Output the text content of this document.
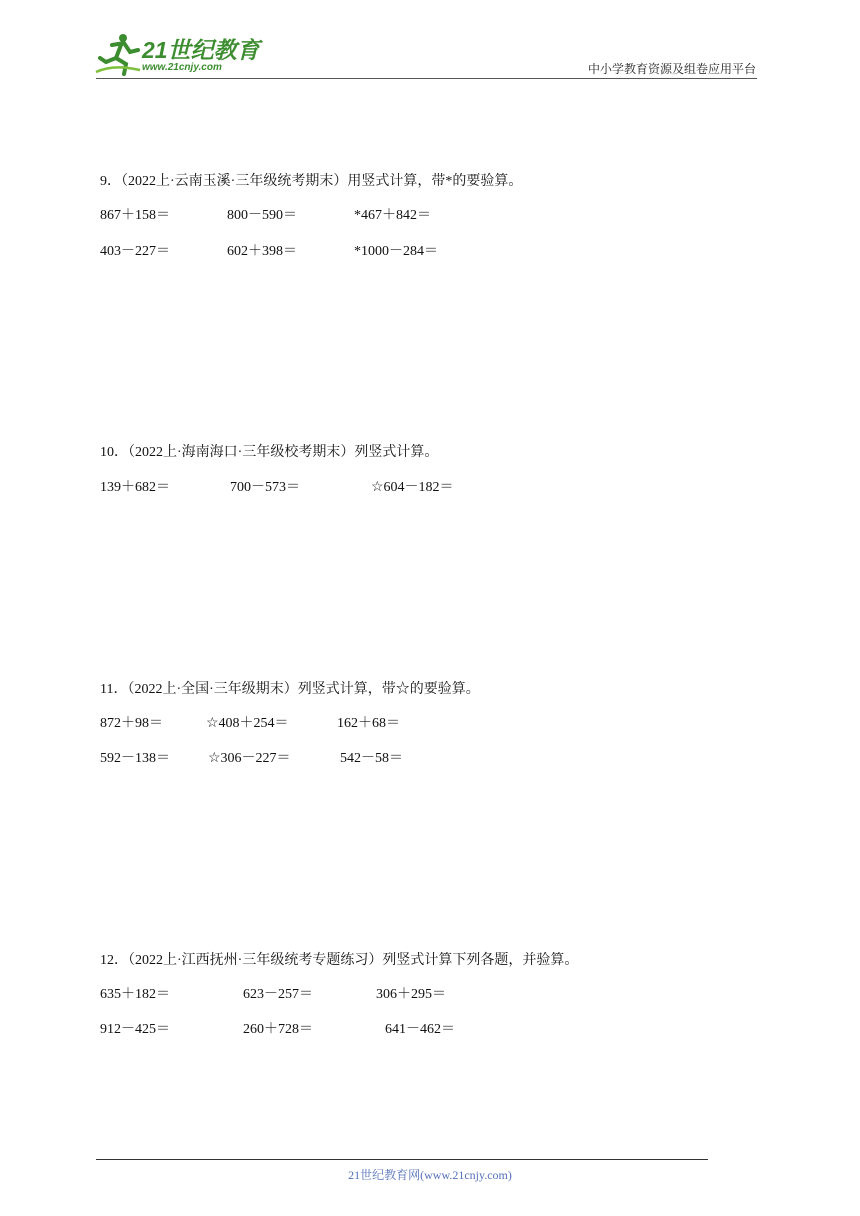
21世纪教育
www.21cnjy.com	中小学教育资源及组卷应用平台
9．（2022上·云南玉溪·三年级统考期末）用竖式计算，带*的要验算。
867＋158＝	800－590＝	*467＋842＝
403－227＝	602＋398＝	*1000－284＝
10．（2022上·海南海口·三年级校考期末）列竖式计算。
139＋682＝	700－573＝	☆604－182＝
11．（2022上·全国·三年级期末）列竖式计算，带☆的要验算。
872＋98＝	☆408＋254＝	162＋68＝
592－138＝	☆306－227＝	542－58＝
12．（2022上·江西抚州·三年级统考专题练习）列竖式计算下列各题，并验算。
635＋182＝	623－257＝	306＋295＝
912－425＝	260＋728＝	641－462＝
21世纪教育网(www.21cnjy.com)
